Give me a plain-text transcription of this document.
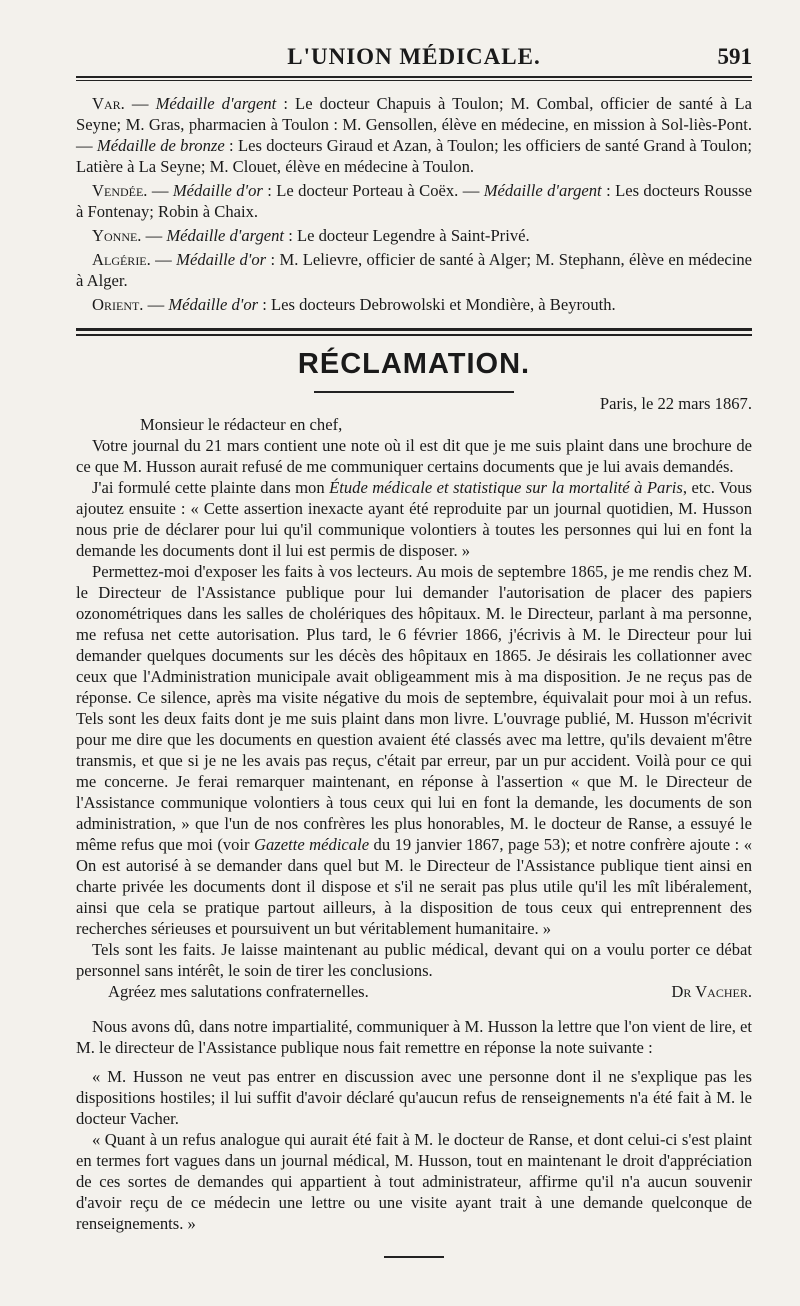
L'UNION MÉDICALE.	591

Var. — Médaille d'argent : Le docteur Chapuis à Toulon; M. Combal, officier de santé à La Seyne; M. Gras, pharmacien à Toulon : M. Gensollen, élève en médecine, en mission à Sol-liès-Pont. — Médaille de bronze : Les docteurs Giraud et Azan, à Toulon; les officiers de santé Grand à Toulon; Latière à La Seyne; M. Clouet, élève en médecine à Toulon.

Vendée. — Médaille d'or : Le docteur Porteau à Coëx. — Médaille d'argent : Les docteurs Rousse à Fontenay; Robin à Chaix.

Yonne. — Médaille d'argent : Le docteur Legendre à Saint-Privé.

Algérie. — Médaille d'or : M. Lelievre, officier de santé à Alger; M. Stephann, élève en médecine à Alger.

Orient. — Médaille d'or : Les docteurs Debrowolski et Mondière, à Beyrouth.

RÉCLAMATION.

Paris, le 22 mars 1867.

Monsieur le rédacteur en chef,

Votre journal du 21 mars contient une note où il est dit que je me suis plaint dans une brochure de ce que M. Husson aurait refusé de me communiquer certains documents que je lui avais demandés.

J'ai formulé cette plainte dans mon Étude médicale et statistique sur la mortalité à Paris, etc. Vous ajoutez ensuite : « Cette assertion inexacte ayant été reproduite par un journal quotidien, M. Husson nous prie de déclarer pour lui qu'il communique volontiers à toutes les personnes qui lui en font la demande les documents dont il lui est permis de disposer. »

Permettez-moi d'exposer les faits à vos lecteurs. Au mois de septembre 1865, je me rendis chez M. le Directeur de l'Assistance publique pour lui demander l'autorisation de placer des papiers ozonométriques dans les salles de cholériques des hôpitaux. M. le Directeur, parlant à ma personne, me refusa net cette autorisation. Plus tard, le 6 février 1866, j'écrivis à M. le Directeur pour lui demander quelques documents sur les décès des hôpitaux en 1865. Je désirais les collationner avec ceux que l'Administration municipale avait obligeamment mis à ma disposition. Je ne reçus pas de réponse. Ce silence, après ma visite négative du mois de septembre, équivalait pour moi à un refus. Tels sont les deux faits dont je me suis plaint dans mon livre. L'ouvrage publié, M. Husson m'écrivit pour me dire que les documents en question avaient été classés avec ma lettre, qu'ils devaient m'être transmis, et que si je ne les avais pas reçus, c'était par erreur, par un pur accident. Voilà pour ce qui me concerne. Je ferai remarquer maintenant, en réponse à l'assertion « que M. le Directeur de l'Assistance communique volontiers à tous ceux qui lui en font la demande, les documents de son administration, » que l'un de nos confrères les plus honorables, M. le docteur de Ranse, a essuyé le même refus que moi (voir Gazette médicale du 19 janvier 1867, page 53); et notre confrère ajoute : « On est autorisé à se demander dans quel but M. le Directeur de l'Assistance publique tient ainsi en charte privée les documents dont il dispose et s'il ne serait pas plus utile qu'il les mît libéralement, ainsi que cela se pratique partout ailleurs, à la disposition de tous ceux qui entreprennent des recherches sérieuses et poursuivent un but véritablement humanitaire. »

Tels sont les faits. Je laisse maintenant au public médical, devant qui on a voulu porter ce débat personnel sans intérêt, le soin de tirer les conclusions.

Agréez mes salutations confraternelles.	Dr Vacher.

Nous avons dû, dans notre impartialité, communiquer à M. Husson la lettre que l'on vient de lire, et M. le directeur de l'Assistance publique nous fait remettre en réponse la note suivante :

« M. Husson ne veut pas entrer en discussion avec une personne dont il ne s'explique pas les dispositions hostiles; il lui suffit d'avoir déclaré qu'aucun refus de renseignements n'a été fait à M. le docteur Vacher.

« Quant à un refus analogue qui aurait été fait à M. le docteur de Ranse, et dont celui-ci s'est plaint en termes fort vagues dans un journal médical, M. Husson, tout en maintenant le droit d'appréciation de ces sortes de demandes qui appartient à tout administrateur, affirme qu'il n'a aucun souvenir d'avoir reçu de ce médecin une lettre ou une visite ayant trait à une demande quelconque de renseignements. »
